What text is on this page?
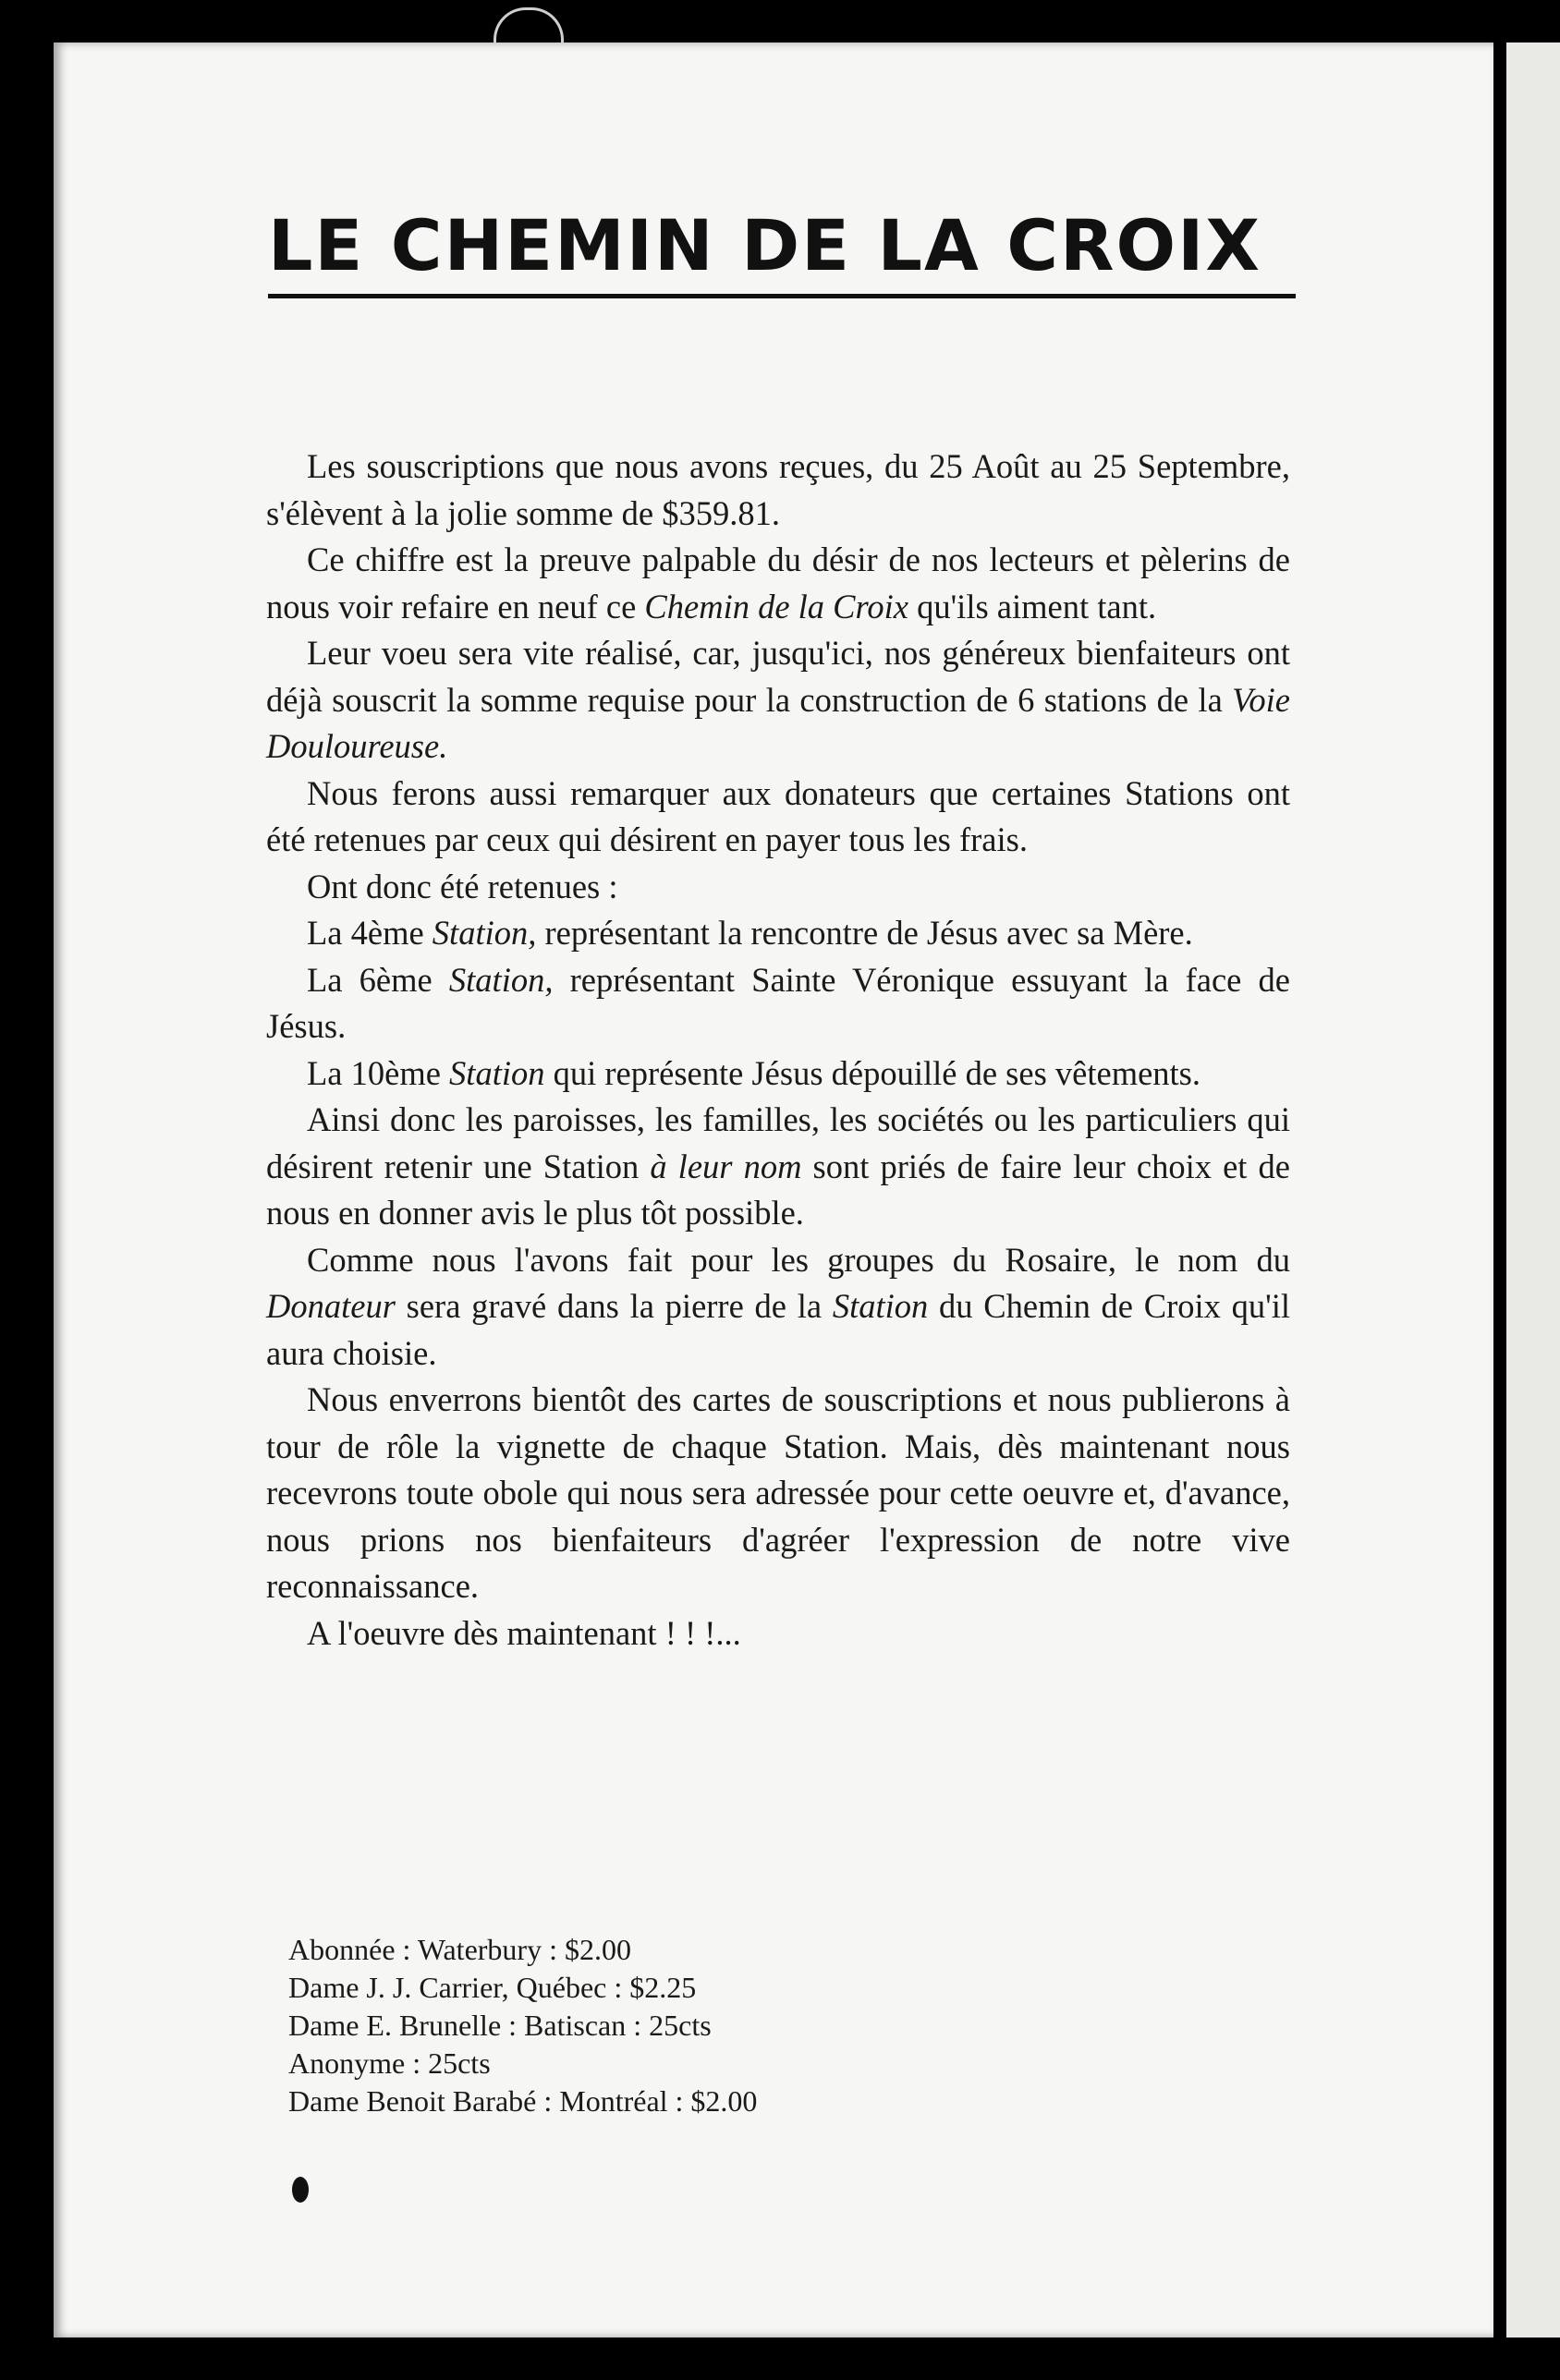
LE CHEMIN DE LA CROIX

Les souscriptions que nous avons reçues, du 25 Août au 25 Septembre, s'élèvent à la jolie somme de $359.81.

Ce chiffre est la preuve palpable du désir de nos lecteurs et pèlerins de nous voir refaire en neuf ce Chemin de la Croix qu'ils aiment tant.

Leur voeu sera vite réalisé, car, jusqu'ici, nos généreux bienfaiteurs ont déjà souscrit la somme requise pour la construction de 6 stations de la Voie Douloureuse.

Nous ferons aussi remarquer aux donateurs que certaines Stations ont été retenues par ceux qui désirent en payer tous les frais.

Ont donc été retenues :

La 4ème Station, représentant la rencontre de Jésus avec sa Mère.

La 6ème Station, représentant Sainte Véronique essuyant la face de Jésus.

La 10ème Station qui représente Jésus dépouillé de ses vêtements.

Ainsi donc les paroisses, les familles, les sociétés ou les particuliers qui désirent retenir une Station à leur nom sont priés de faire leur choix et de nous en donner avis le plus tôt possible.

Comme nous l'avons fait pour les groupes du Rosaire, le nom du Donateur sera gravé dans la pierre de la Station du Chemin de Croix qu'il aura choisie.

Nous enverrons bientôt des cartes de souscriptions et nous publierons à tour de rôle la vignette de chaque Station. Mais, dès maintenant nous recevrons toute obole qui nous sera adressée pour cette oeuvre et, d'avance, nous prions nos bienfaiteurs d'agréer l'expression de notre vive reconnaissance.

A l'oeuvre dès maintenant ! ! !...

Abonnée : Waterbury : $2.00
Dame J. J. Carrier, Québec : $2.25
Dame E. Brunelle : Batiscan : 25cts
Anonyme : 25cts
Dame Benoit Barabé : Montréal : $2.00
